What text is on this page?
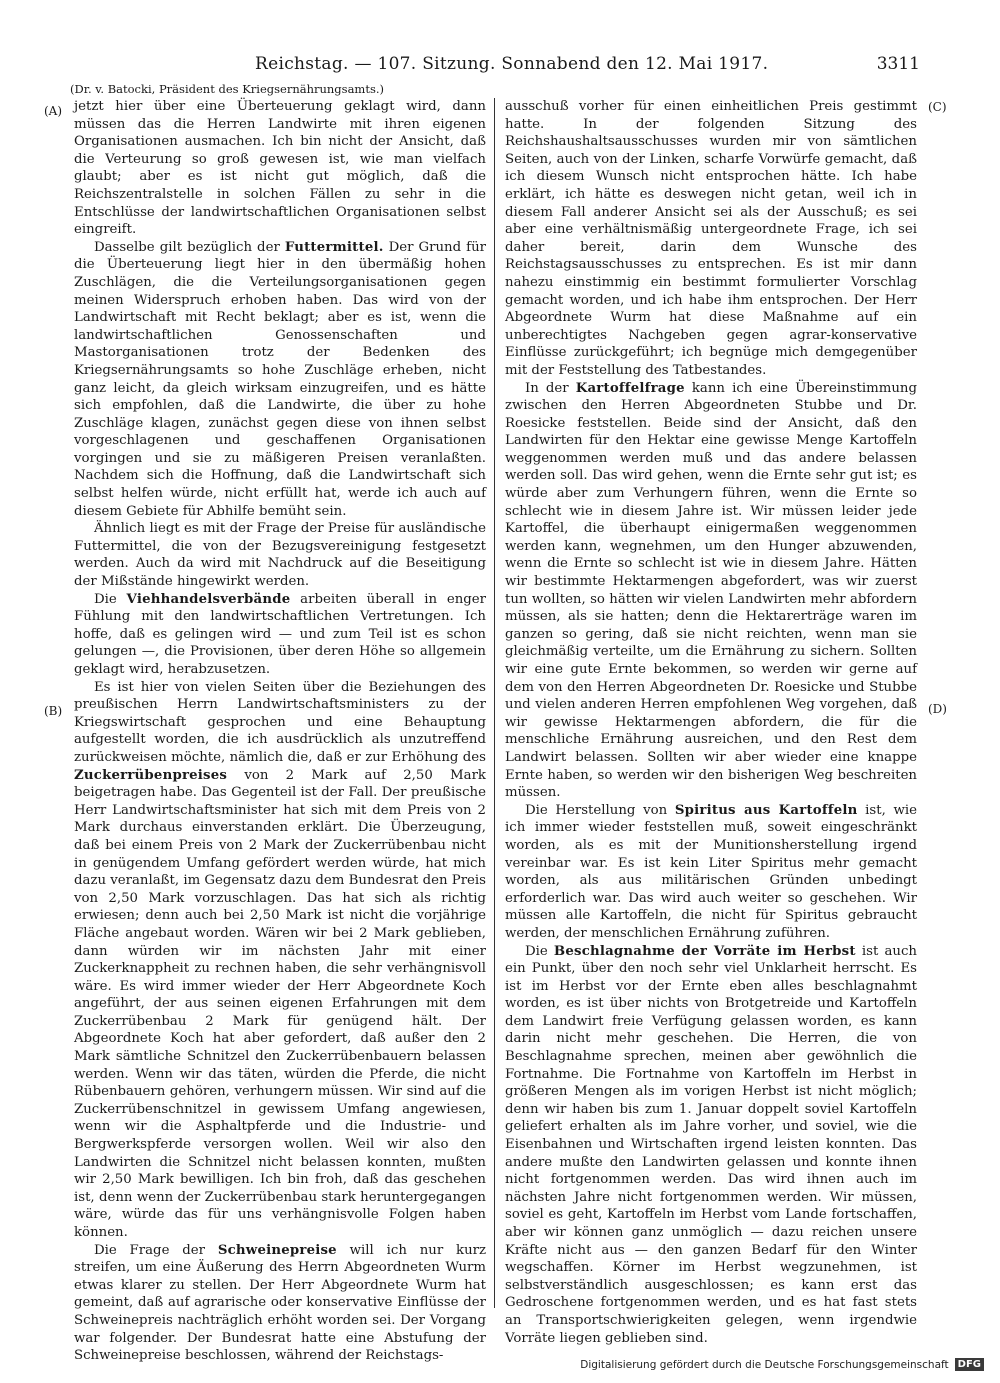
Reichstag. — 107. Sitzung. Sonnabend den 12. Mai 1917.	3311
(Dr. v. Batocki, Präsident des Kriegsernährungsamts.)
(A)
(B)
(C)
(D)

jetzt hier über eine Überteuerung geklagt wird, dann müssen das die Herren Landwirte mit ihren eigenen Organisationen ausmachen. Ich bin nicht der Ansicht, daß die Verteurung so groß gewesen ist, wie man vielfach glaubt; aber es ist nicht gut möglich, daß die Reichszentralstelle in solchen Fällen zu sehr in die Entschlüsse der landwirtschaftlichen Organisationen selbst eingreift.

Dasselbe gilt bezüglich der Futtermittel. Der Grund für die Überteuerung liegt hier in den übermäßig hohen Zuschlägen, die die Verteilungsorganisationen gegen meinen Widerspruch erhoben haben. Das wird von der Landwirtschaft mit Recht beklagt; aber es ist, wenn die landwirtschaftlichen Genossenschaften und Mastorganisationen trotz der Bedenken des Kriegsernährungsamts so hohe Zuschläge erheben, nicht ganz leicht, da gleich wirksam einzugreifen, und es hätte sich empfohlen, daß die Landwirte, die über zu hohe Zuschläge klagen, zunächst gegen diese von ihnen selbst vorgeschlagenen und geschaffenen Organisationen vorgingen und sie zu mäßigeren Preisen veranlaßten. Nachdem sich die Hoffnung, daß die Landwirtschaft sich selbst helfen würde, nicht erfüllt hat, werde ich auch auf diesem Gebiete für Abhilfe bemüht sein.

Ähnlich liegt es mit der Frage der Preise für ausländische Futtermittel, die von der Bezugsvereinigung festgesetzt werden. Auch da wird mit Nachdruck auf die Beseitigung der Mißstände hingewirkt werden.

Die Viehhandelsverbände arbeiten überall in enger Fühlung mit den landwirtschaftlichen Vertretungen. Ich hoffe, daß es gelingen wird — und zum Teil ist es schon gelungen —, die Provisionen, über deren Höhe so allgemein geklagt wird, herabzusetzen.

Es ist hier von vielen Seiten über die Beziehungen des preußischen Herrn Landwirtschaftsministers zu der Kriegswirtschaft gesprochen und eine Behauptung aufgestellt worden, die ich ausdrücklich als unzutreffend zurückweisen möchte, nämlich die, daß er zur Erhöhung des Zuckerrübenpreises von 2 Mark auf 2,50 Mark beigetragen habe. Das Gegenteil ist der Fall. Der preußische Herr Landwirtschaftsminister hat sich mit dem Preis von 2 Mark durchaus einverstanden erklärt. Die Überzeugung, daß bei einem Preis von 2 Mark der Zuckerrübenbau nicht in genügendem Umfang gefördert werden würde, hat mich dazu veranlaßt, im Gegensatz dazu dem Bundesrat den Preis von 2,50 Mark vorzuschlagen. Das hat sich als richtig erwiesen; denn auch bei 2,50 Mark ist nicht die vorjährige Fläche angebaut worden. Wären wir bei 2 Mark geblieben, dann würden wir im nächsten Jahr mit einer Zuckerknappheit zu rechnen haben, die sehr verhängnisvoll wäre. Es wird immer wieder der Herr Abgeordnete Koch angeführt, der aus seinen eigenen Erfahrungen mit dem Zuckerrübenbau 2 Mark für genügend hält. Der Abgeordnete Koch hat aber gefordert, daß außer den 2 Mark sämtliche Schnitzel den Zuckerrübenbauern belassen werden. Wenn wir das täten, würden die Pferde, die nicht Rübenbauern gehören, verhungern müssen. Wir sind auf die Zuckerrübenschnitzel in gewissem Umfang angewiesen, wenn wir die Asphaltpferde und die Industrie- und Bergwerkspferde versorgen wollen. Weil wir also den Landwirten die Schnitzel nicht belassen konnten, mußten wir 2,50 Mark bewilligen. Ich bin froh, daß das geschehen ist, denn wenn der Zuckerrübenbau stark heruntergegangen wäre, würde das für uns verhängnisvolle Folgen haben können.

Die Frage der Schweinepreise will ich nur kurz streifen, um eine Äußerung des Herrn Abgeordneten Wurm etwas klarer zu stellen. Der Herr Abgeordnete Wurm hat gemeint, daß auf agrarische oder konservative Einflüsse der Schweinepreis nachträglich erhöht worden sei. Der Vorgang war folgender. Der Bundesrat hatte eine Abstufung der Schweinepreise beschlossen, während der Reichstags-

ausschuß vorher für einen einheitlichen Preis gestimmt hatte. In der folgenden Sitzung des Reichshaushaltsausschusses wurden mir von sämtlichen Seiten, auch von der Linken, scharfe Vorwürfe gemacht, daß ich diesem Wunsch nicht entsprochen hätte. Ich habe erklärt, ich hätte es deswegen nicht getan, weil ich in diesem Fall anderer Ansicht sei als der Ausschuß; es sei aber eine verhältnismäßig untergeordnete Frage, ich sei daher bereit, darin dem Wunsche des Reichstagsausschusses zu entsprechen. Es ist mir dann nahezu einstimmig ein bestimmt formulierter Vorschlag gemacht worden, und ich habe ihm entsprochen. Der Herr Abgeordnete Wurm hat diese Maßnahme auf ein unberechtigtes Nachgeben gegen agrar-konservative Einflüsse zurückgeführt; ich begnüge mich demgegenüber mit der Feststellung des Tatbestandes.

In der Kartoffelfrage kann ich eine Übereinstimmung zwischen den Herren Abgeordneten Stubbe und Dr. Roesicke feststellen. Beide sind der Ansicht, daß den Landwirten für den Hektar eine gewisse Menge Kartoffeln weggenommen werden muß und das andere belassen werden soll. Das wird gehen, wenn die Ernte sehr gut ist; es würde aber zum Verhungern führen, wenn die Ernte so schlecht wie in diesem Jahre ist. Wir müssen leider jede Kartoffel, die überhaupt einigermaßen weggenommen werden kann, wegnehmen, um den Hunger abzuwenden, wenn die Ernte so schlecht ist wie in diesem Jahre. Hätten wir bestimmte Hektarmengen abgefordert, was wir zuerst tun wollten, so hätten wir vielen Landwirten mehr abfordern müssen, als sie hatten; denn die Hektarerträge waren im ganzen so gering, daß sie nicht reichten, wenn man sie gleichmäßig verteilte, um die Ernährung zu sichern. Sollten wir eine gute Ernte bekommen, so werden wir gerne auf dem von den Herren Abgeordneten Dr. Roesicke und Stubbe und vielen anderen Herren empfohlenen Weg vorgehen, daß wir gewisse Hektarmengen abfordern, die für die menschliche Ernährung ausreichen, und den Rest dem Landwirt belassen. Sollten wir aber wieder eine knappe Ernte haben, so werden wir den bisherigen Weg beschreiten müssen.

Die Herstellung von Spiritus aus Kartoffeln ist, wie ich immer wieder feststellen muß, soweit eingeschränkt worden, als es mit der Munitionsherstellung irgend vereinbar war. Es ist kein Liter Spiritus mehr gemacht worden, als aus militärischen Gründen unbedingt erforderlich war. Das wird auch weiter so geschehen. Wir müssen alle Kartoffeln, die nicht für Spiritus gebraucht werden, der menschlichen Ernährung zuführen.

Die Beschlagnahme der Vorräte im Herbst ist auch ein Punkt, über den noch sehr viel Unklarheit herrscht. Es ist im Herbst vor der Ernte eben alles beschlagnahmt worden, es ist über nichts von Brotgetreide und Kartoffeln dem Landwirt freie Verfügung gelassen worden, es kann darin nicht mehr geschehen. Die Herren, die von Beschlagnahme sprechen, meinen aber gewöhnlich die Fortnahme. Die Fortnahme von Kartoffeln im Herbst in größeren Mengen als im vorigen Herbst ist nicht möglich; denn wir haben bis zum 1. Januar doppelt soviel Kartoffeln geliefert erhalten als im Jahre vorher, und soviel, wie die Eisenbahnen und Wirtschaften irgend leisten konnten. Das andere mußte den Landwirten gelassen und konnte ihnen nicht fortgenommen werden. Das wird ihnen auch im nächsten Jahre nicht fortgenommen werden. Wir müssen, soviel es geht, Kartoffeln im Herbst vom Lande fortschaffen, aber wir können ganz unmöglich — dazu reichen unsere Kräfte nicht aus — den ganzen Bedarf für den Winter wegschaffen. Körner im Herbst wegzunehmen, ist selbstverständlich ausgeschlossen; es kann erst das Gedroschene fortgenommen werden, und es hat fast stets an Transportschwierigkeiten gelegen, wenn irgendwie Vorräte liegen geblieben sind.

Digitalisierung gefördert durch die Deutsche Forschungsgemeinschaft DFG
